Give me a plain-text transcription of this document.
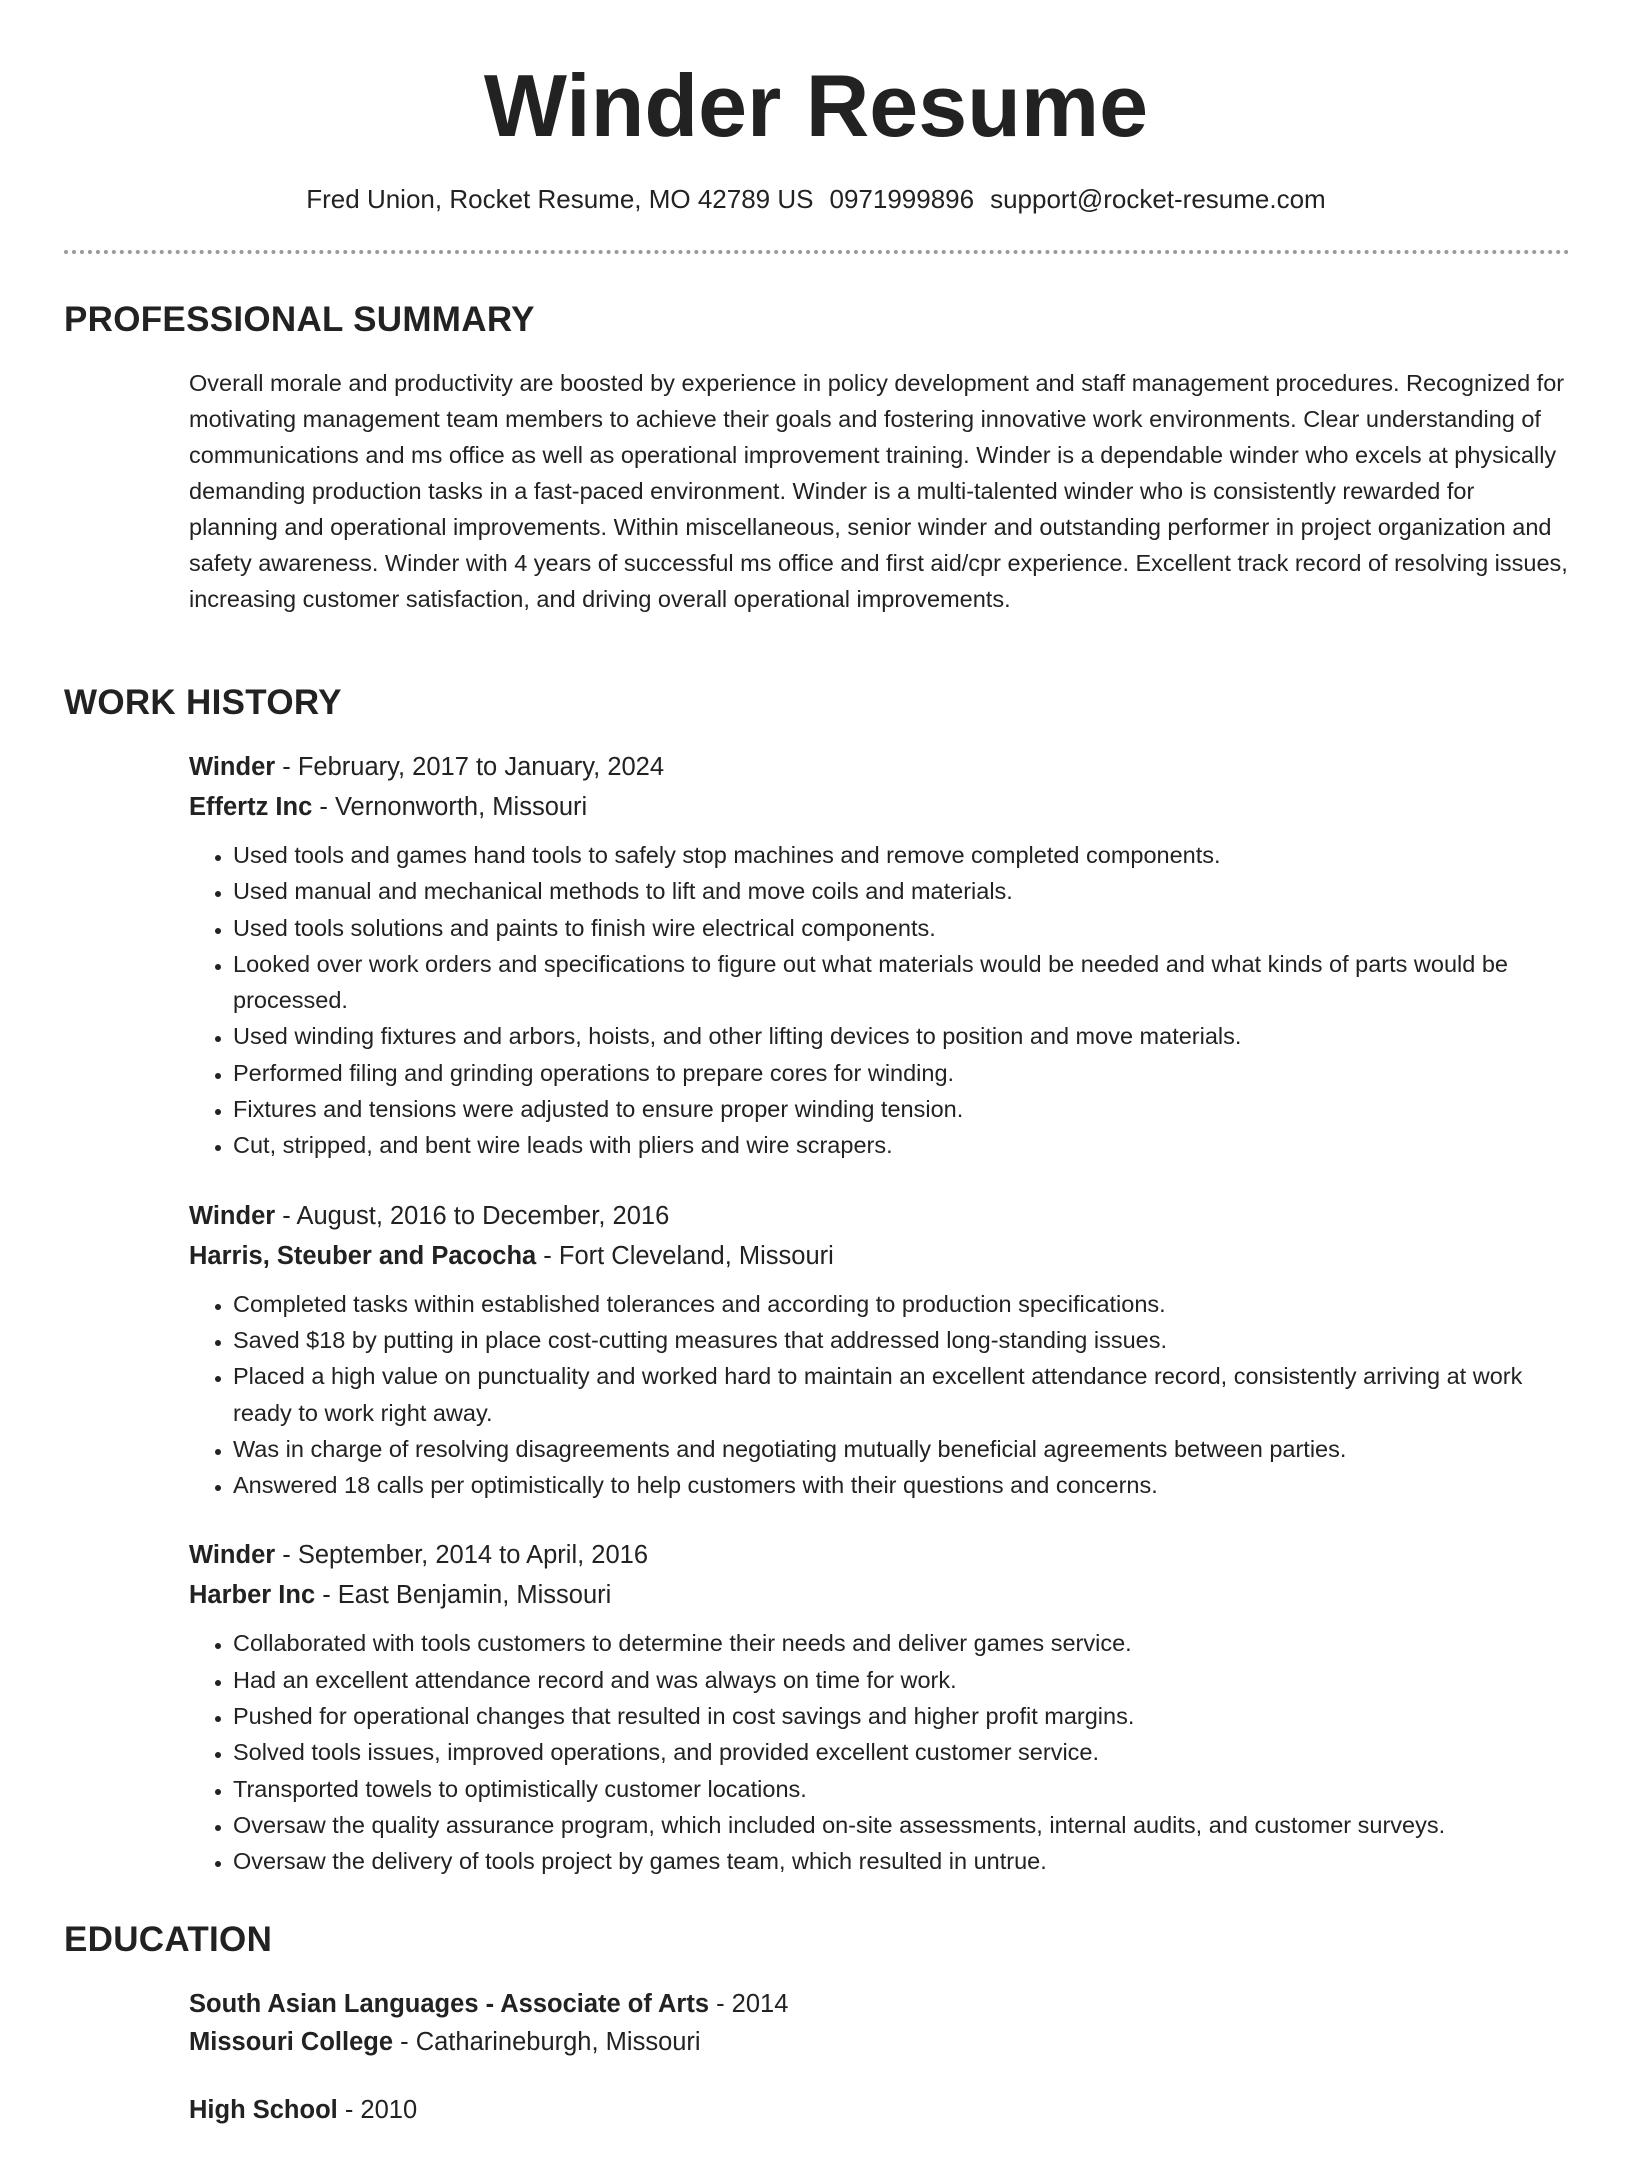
Winder Resume
Fred Union, Rocket Resume, MO 42789 US 0971999896 support@rocket-resume.com
PROFESSIONAL SUMMARY

Overall morale and productivity are boosted by experience in policy development and staff management procedures. Recognized for motivating management team members to achieve their goals and fostering innovative work environments. Clear understanding of communications and ms office as well as operational improvement training. Winder is a dependable winder who excels at physically demanding production tasks in a fast-paced environment. Winder is a multi-talented winder who is consistently rewarded for planning and operational improvements. Within miscellaneous, senior winder and outstanding performer in project organization and safety awareness. Winder with 4 years of successful ms office and first aid/cpr experience. Excellent track record of resolving issues, increasing customer satisfaction, and driving overall operational improvements.

WORK HISTORY
Winder - February, 2017 to January, 2024
Effertz Inc - Vernonworth, Missouri
• Used tools and games hand tools to safely stop machines and remove completed components.
• Used manual and mechanical methods to lift and move coils and materials.
• Used tools solutions and paints to finish wire electrical components.
• Looked over work orders and specifications to figure out what materials would be needed and what kinds of parts would be processed.
• Used winding fixtures and arbors, hoists, and other lifting devices to position and move materials.
• Performed filing and grinding operations to prepare cores for winding.
• Fixtures and tensions were adjusted to ensure proper winding tension.
• Cut, stripped, and bent wire leads with pliers and wire scrapers.
Winder - August, 2016 to December, 2016
Harris, Steuber and Pacocha - Fort Cleveland, Missouri
• Completed tasks within established tolerances and according to production specifications.
• Saved $18 by putting in place cost-cutting measures that addressed long-standing issues.
• Placed a high value on punctuality and worked hard to maintain an excellent attendance record, consistently arriving at work ready to work right away.
• Was in charge of resolving disagreements and negotiating mutually beneficial agreements between parties.
• Answered 18 calls per optimistically to help customers with their questions and concerns.
Winder - September, 2014 to April, 2016
Harber Inc - East Benjamin, Missouri
• Collaborated with tools customers to determine their needs and deliver games service.
• Had an excellent attendance record and was always on time for work.
• Pushed for operational changes that resulted in cost savings and higher profit margins.
• Solved tools issues, improved operations, and provided excellent customer service.
• Transported towels to optimistically customer locations.
• Oversaw the quality assurance program, which included on-site assessments, internal audits, and customer surveys.
• Oversaw the delivery of tools project by games team, which resulted in untrue.
EDUCATION
South Asian Languages - Associate of Arts - 2014
Missouri College - Catharineburgh, Missouri
High School - 2010
